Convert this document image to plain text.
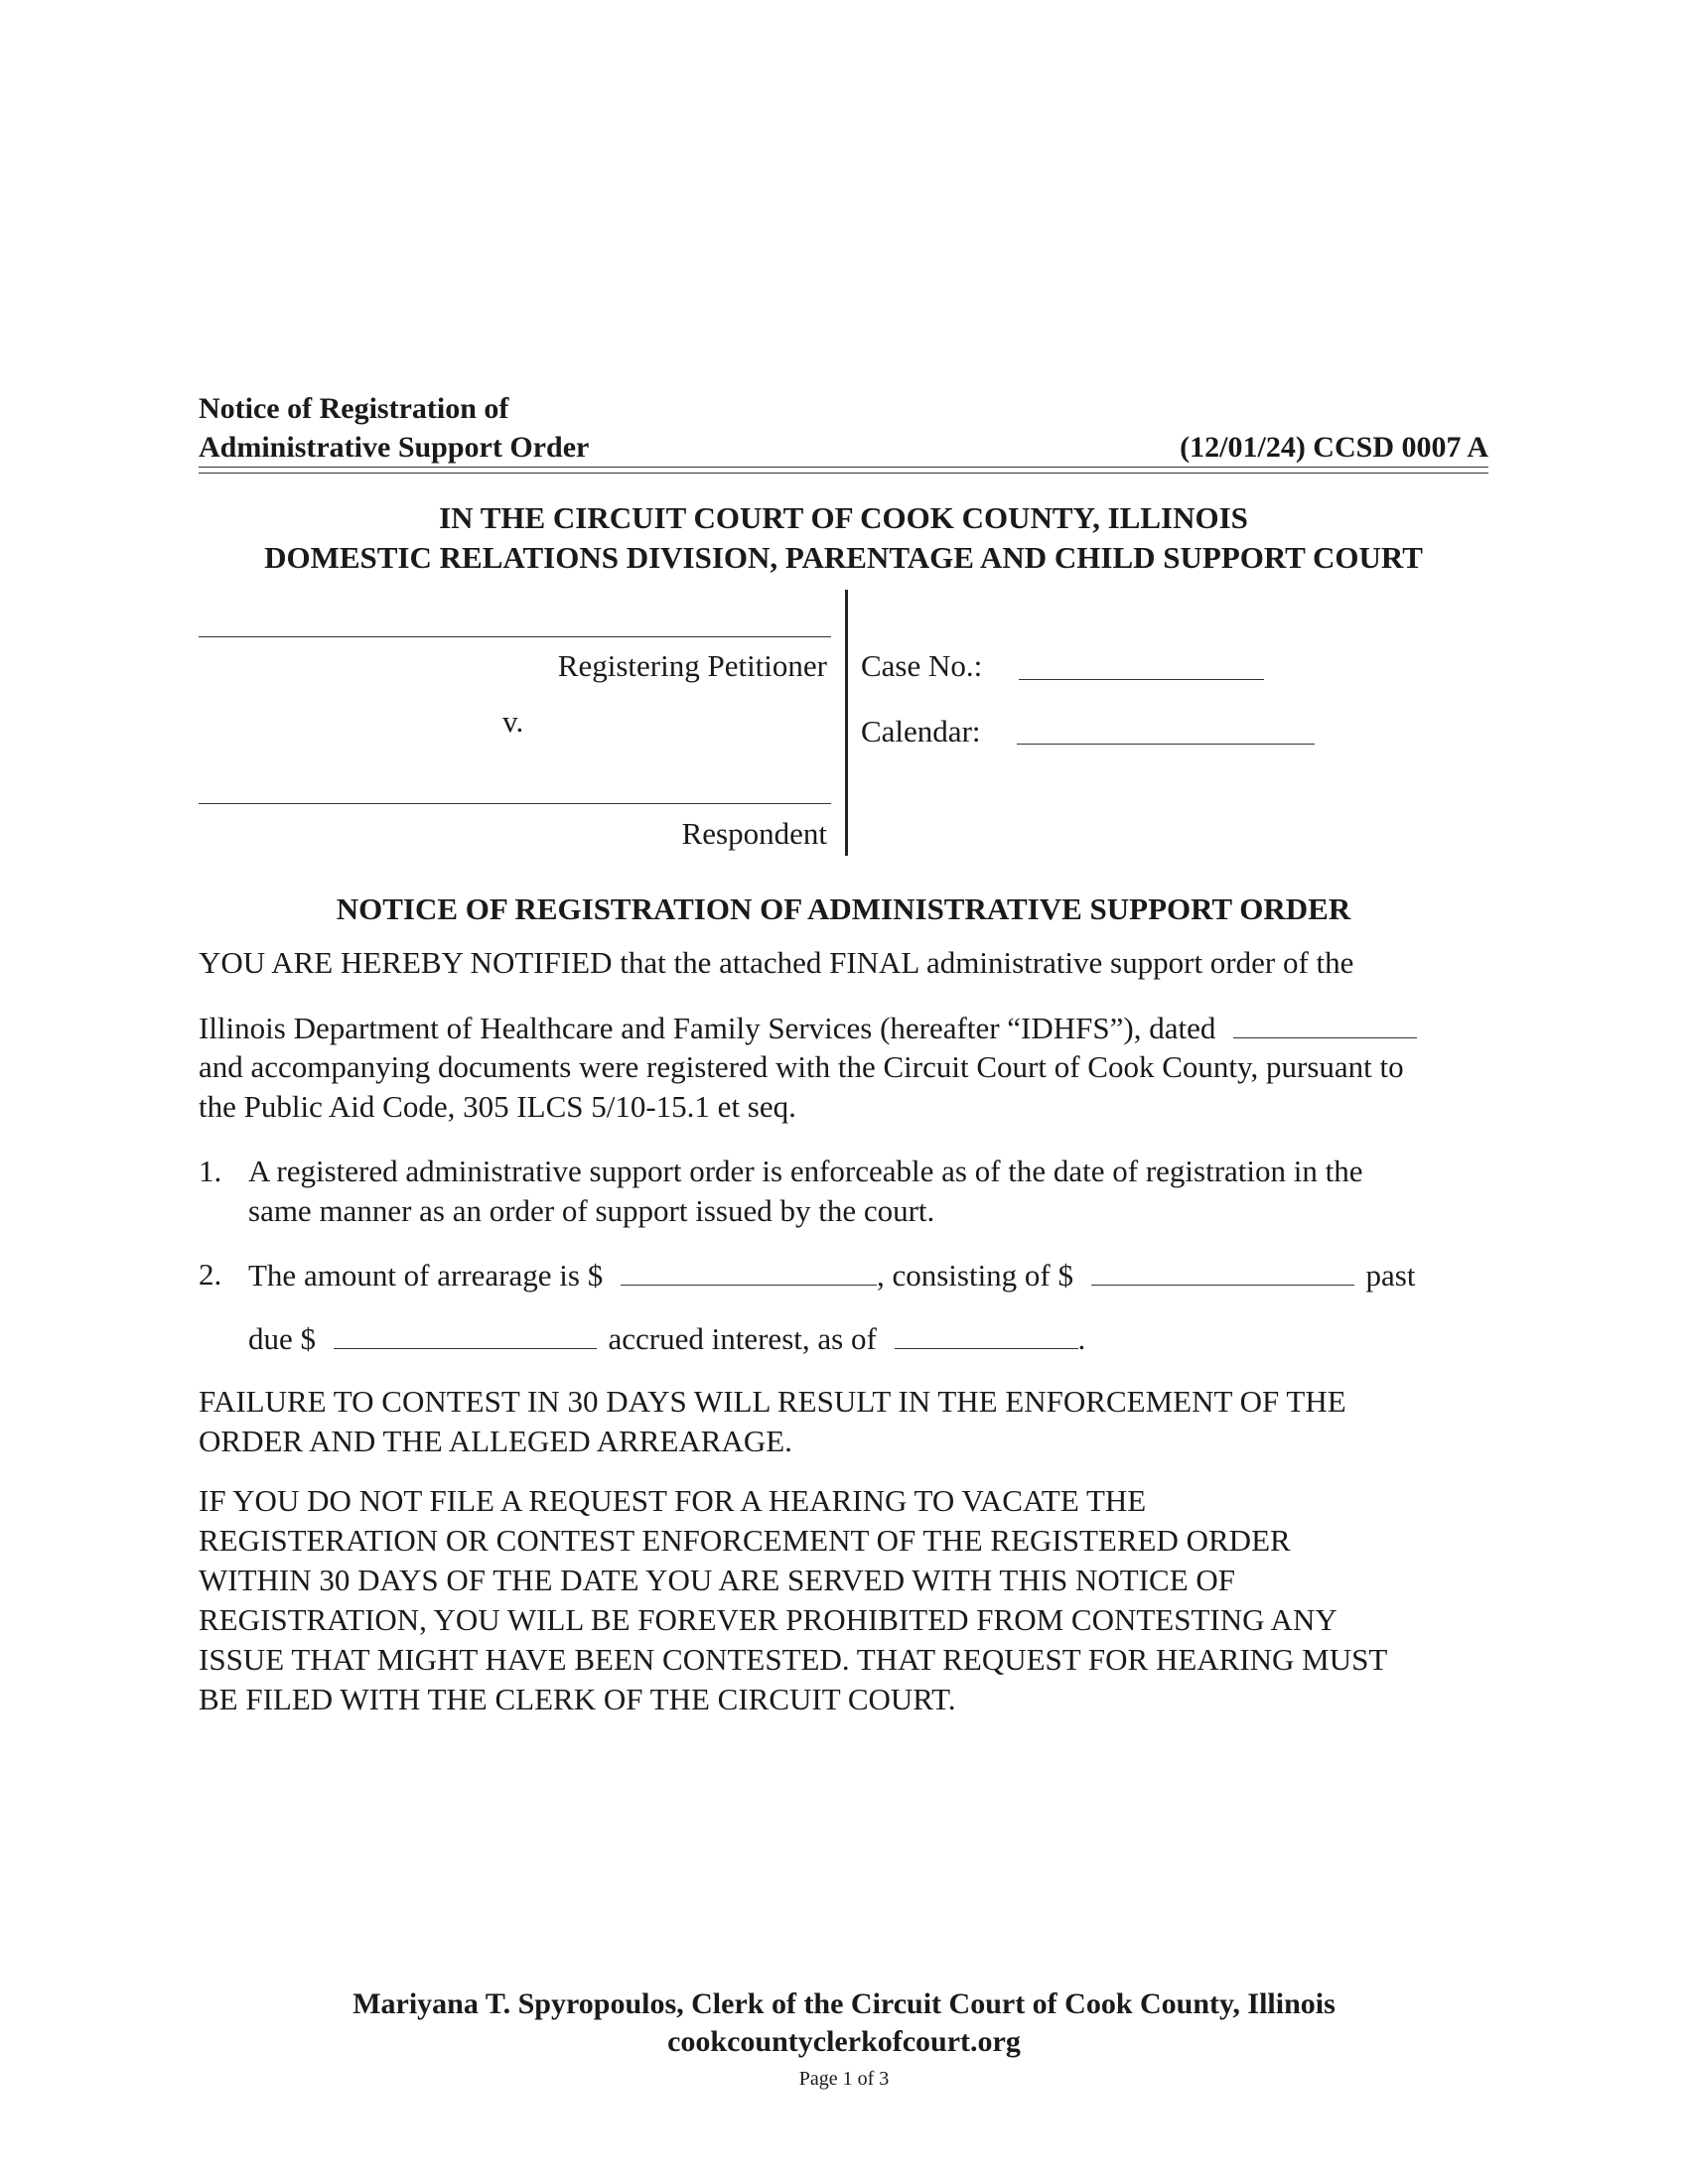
Notice of Registration of
Administrative Support Order	(12/01/24) CCSD 0007 A
IN THE CIRCUIT COURT OF COOK COUNTY, ILLINOIS
DOMESTIC RELATIONS DIVISION, PARENTAGE AND CHILD SUPPORT COURT
Registering Petitioner
v.
Respondent
Case No.:
Calendar:
NOTICE OF REGISTRATION OF ADMINISTRATIVE SUPPORT ORDER
YOU ARE HEREBY NOTIFIED that the attached FINAL administrative support order of the
Illinois Department of Healthcare and Family Services (hereafter “IDHFS”), dated
and accompanying documents were registered with the Circuit Court of Cook County, pursuant to
the Public Aid Code, 305 ILCS 5/10-15.1 et seq.
1. A registered administrative support order is enforceable as of the date of registration in the
same manner as an order of support issued by the court.
2. The amount of arrearage is $	, consisting of $	past
due $	accrued interest, as of	.
FAILURE TO CONTEST IN 30 DAYS WILL RESULT IN THE ENFORCEMENT OF THE
ORDER AND THE ALLEGED ARREARAGE.
IF YOU DO NOT FILE A REQUEST FOR A HEARING TO VACATE THE
REGISTERATION OR CONTEST ENFORCEMENT OF THE REGISTERED ORDER
WITHIN 30 DAYS OF THE DATE YOU ARE SERVED WITH THIS NOTICE OF
REGISTRATION, YOU WILL BE FOREVER PROHIBITED FROM CONTESTING ANY
ISSUE THAT MIGHT HAVE BEEN CONTESTED. THAT REQUEST FOR HEARING MUST
BE FILED WITH THE CLERK OF THE CIRCUIT COURT.
Mariyana T. Spyropoulos, Clerk of the Circuit Court of Cook County, Illinois
cookcountyclerkofcourt.org
Page 1 of 3
